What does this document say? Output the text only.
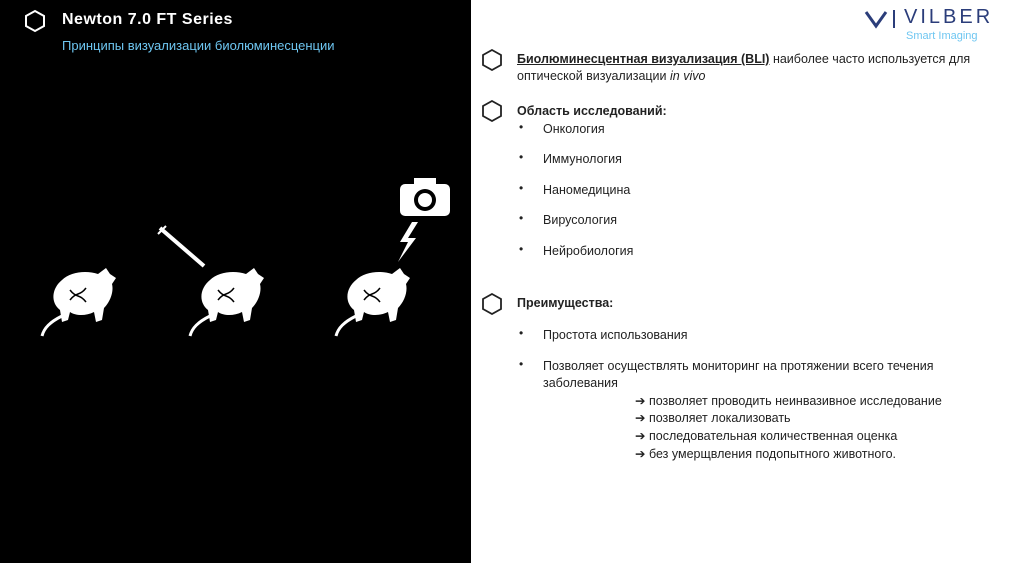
Newton 7.0 FT Series
Принципы визуализации биолюминесценции
VILBER
Smart Imaging
Биолюминесцентная визуализация (BLI) наиболее часто используется для
оптической визуализации in vivo
Область исследований:
• Онкология
• Иммунология
• Наномедицина
• Вирусология
• Нейробиология
Преимущества:
• Простота использования
• Позволяет осуществлять мониторинг на протяжении всего течения
заболевания
➔ позволяет проводить неинвазивное исследование
➔ позволяет локализовать
➔ последовательная количественная оценка
➔ без умерщвления подопытного животного.
